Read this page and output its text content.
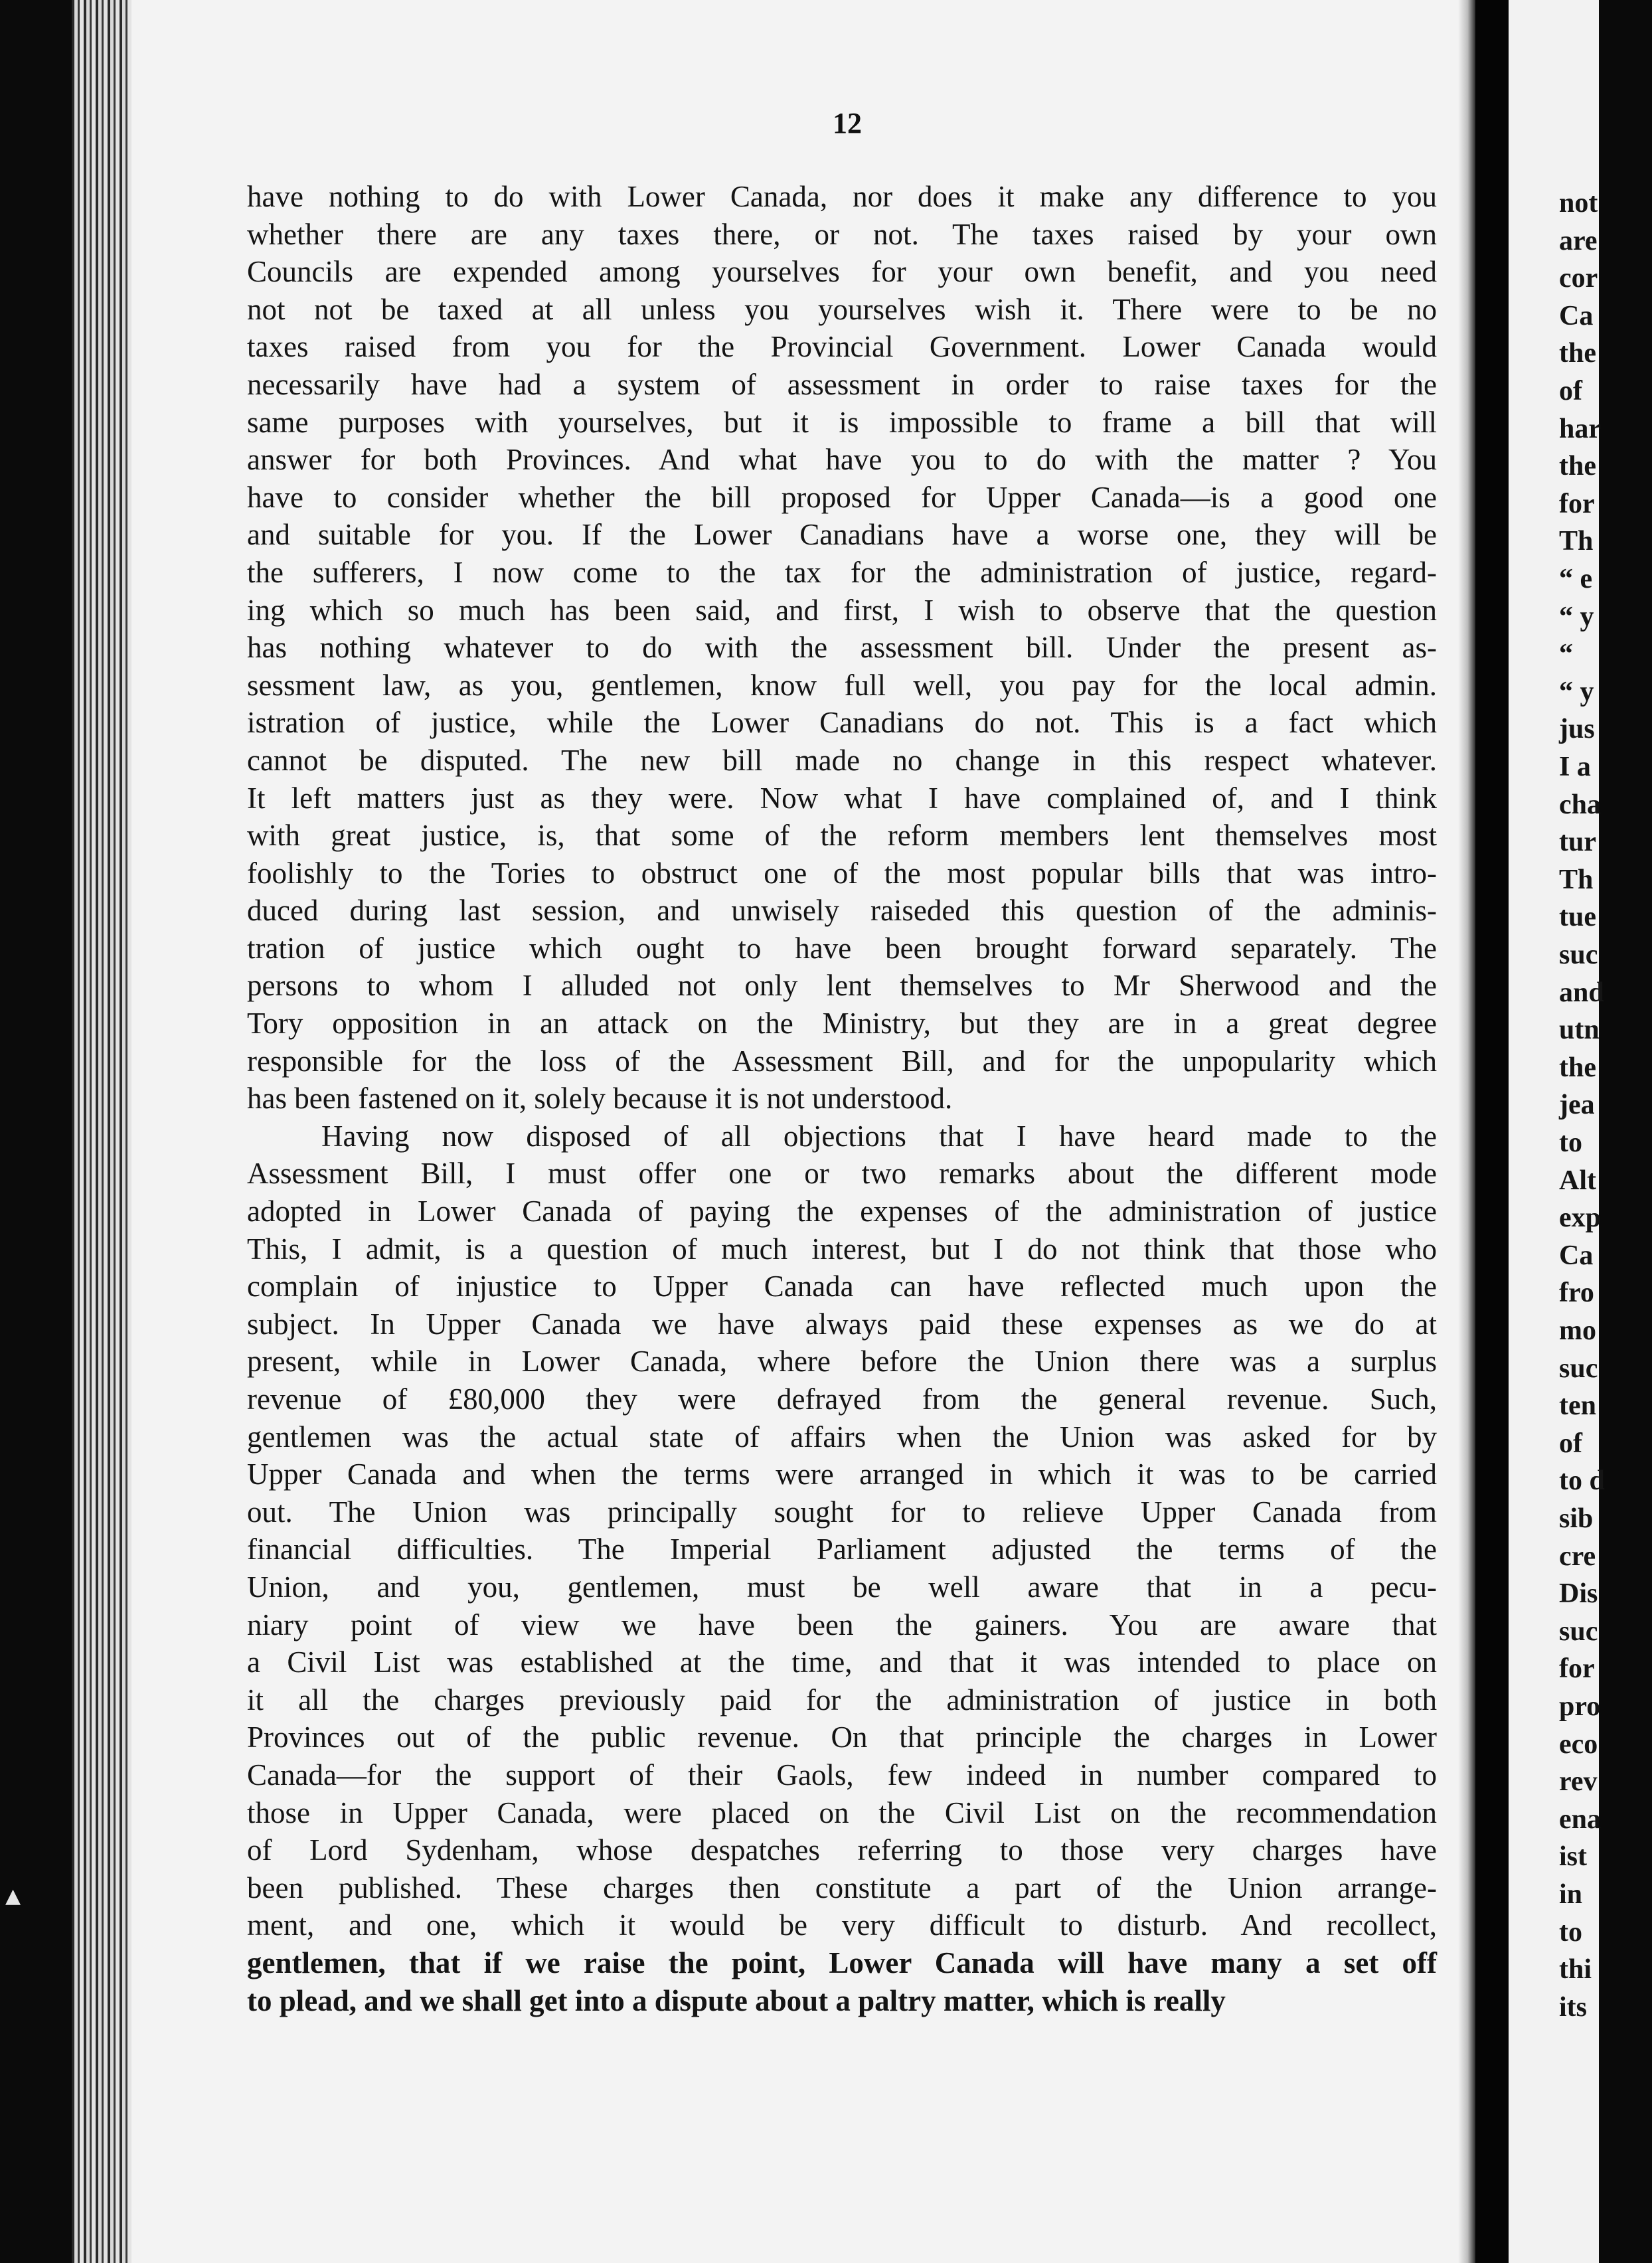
▲
not
are
cor
Ca
the
of
har
the
for
Th
“ e
“ y
“
“ y
jus
I a
cha
tur
Th
tue
suc
and
utn
the
jea
to
Alt
exp
Ca
fro
mo
suc
ten
of
to d
sib
cre
Dis
suc
for
pro
eco
rev
ena
ist
in
to
thi
its
12
have nothing to do with Lower Canada, nor does it make any difference to you
whether there are any taxes there, or not. The taxes raised by your own
Councils are expended among yourselves for your own benefit, and you need
not not be taxed at all unless you yourselves wish it. There were to be no
taxes raised from you for the Provincial Government. Lower Canada would
necessarily have had a system of assessment in order to raise taxes for the
same purposes with yourselves, but it is impossible to frame a bill that will
answer for both Provinces. And what have you to do with the matter ? You
have to consider whether the bill proposed for Upper Canada—is a good one
and suitable for you. If the Lower Canadians have a worse one, they will be
the sufferers, I now come to the tax for the administration of justice, regard-
ing which so much has been said, and first, I wish to observe that the question
has nothing whatever to do with the assessment bill. Under the present as-
sessment law, as you, gentlemen, know full well, you pay for the local admin.
istration of justice, while the Lower Canadians do not. This is a fact which
cannot be disputed. The new bill made no change in this respect whatever.
It left matters just as they were. Now what I have complained of, and I think
with great justice, is, that some of the reform members lent themselves most
foolishly to the Tories to obstruct one of the most popular bills that was intro-
duced during last session, and unwisely raiseded this question of the adminis-
tration of justice which ought to have been brought forward separately. The
persons to whom I alluded not only lent themselves to Mr Sherwood and the
Tory opposition in an attack on the Ministry, but they are in a great degree
responsible for the loss of the Assessment Bill, and for the unpopularity which
has been fastened on it, solely because it is not understood.
Having now disposed of all objections that I have heard made to the
Assessment Bill, I must offer one or two remarks about the different mode
adopted in Lower Canada of paying the expenses of the administration of justice
This, I admit, is a question of much interest, but I do not think that those who
complain of injustice to Upper Canada can have reflected much upon the
subject. In Upper Canada we have always paid these expenses as we do at
present, while in Lower Canada, where before the Union there was a surplus
revenue of £80,000 they were defrayed from the general revenue. Such,
gentlemen was the actual state of affairs when the Union was asked for by
Upper Canada and when the terms were arranged in which it was to be carried
out. The Union was principally sought for to relieve Upper Canada from
financial difficulties. The Imperial Parliament adjusted the terms of the
Union, and you, gentlemen, must be well aware that in a pecu-
niary point of view we have been the gainers. You are aware that
a Civil List was established at the time, and that it was intended to place on
it all the charges previously paid for the administration of justice in both
Provinces out of the public revenue. On that principle the charges in Lower
Canada—for the support of their Gaols, few indeed in number compared to
those in Upper Canada, were placed on the Civil List on the recommendation
of Lord Sydenham, whose despatches referring to those very charges have
been published. These charges then constitute a part of the Union arrange-
ment, and one, which it would be very difficult to disturb. And recollect,
gentlemen, that if we raise the point, Lower Canada will have many a set off
to plead, and we shall get into a dispute about a paltry matter, which is really
